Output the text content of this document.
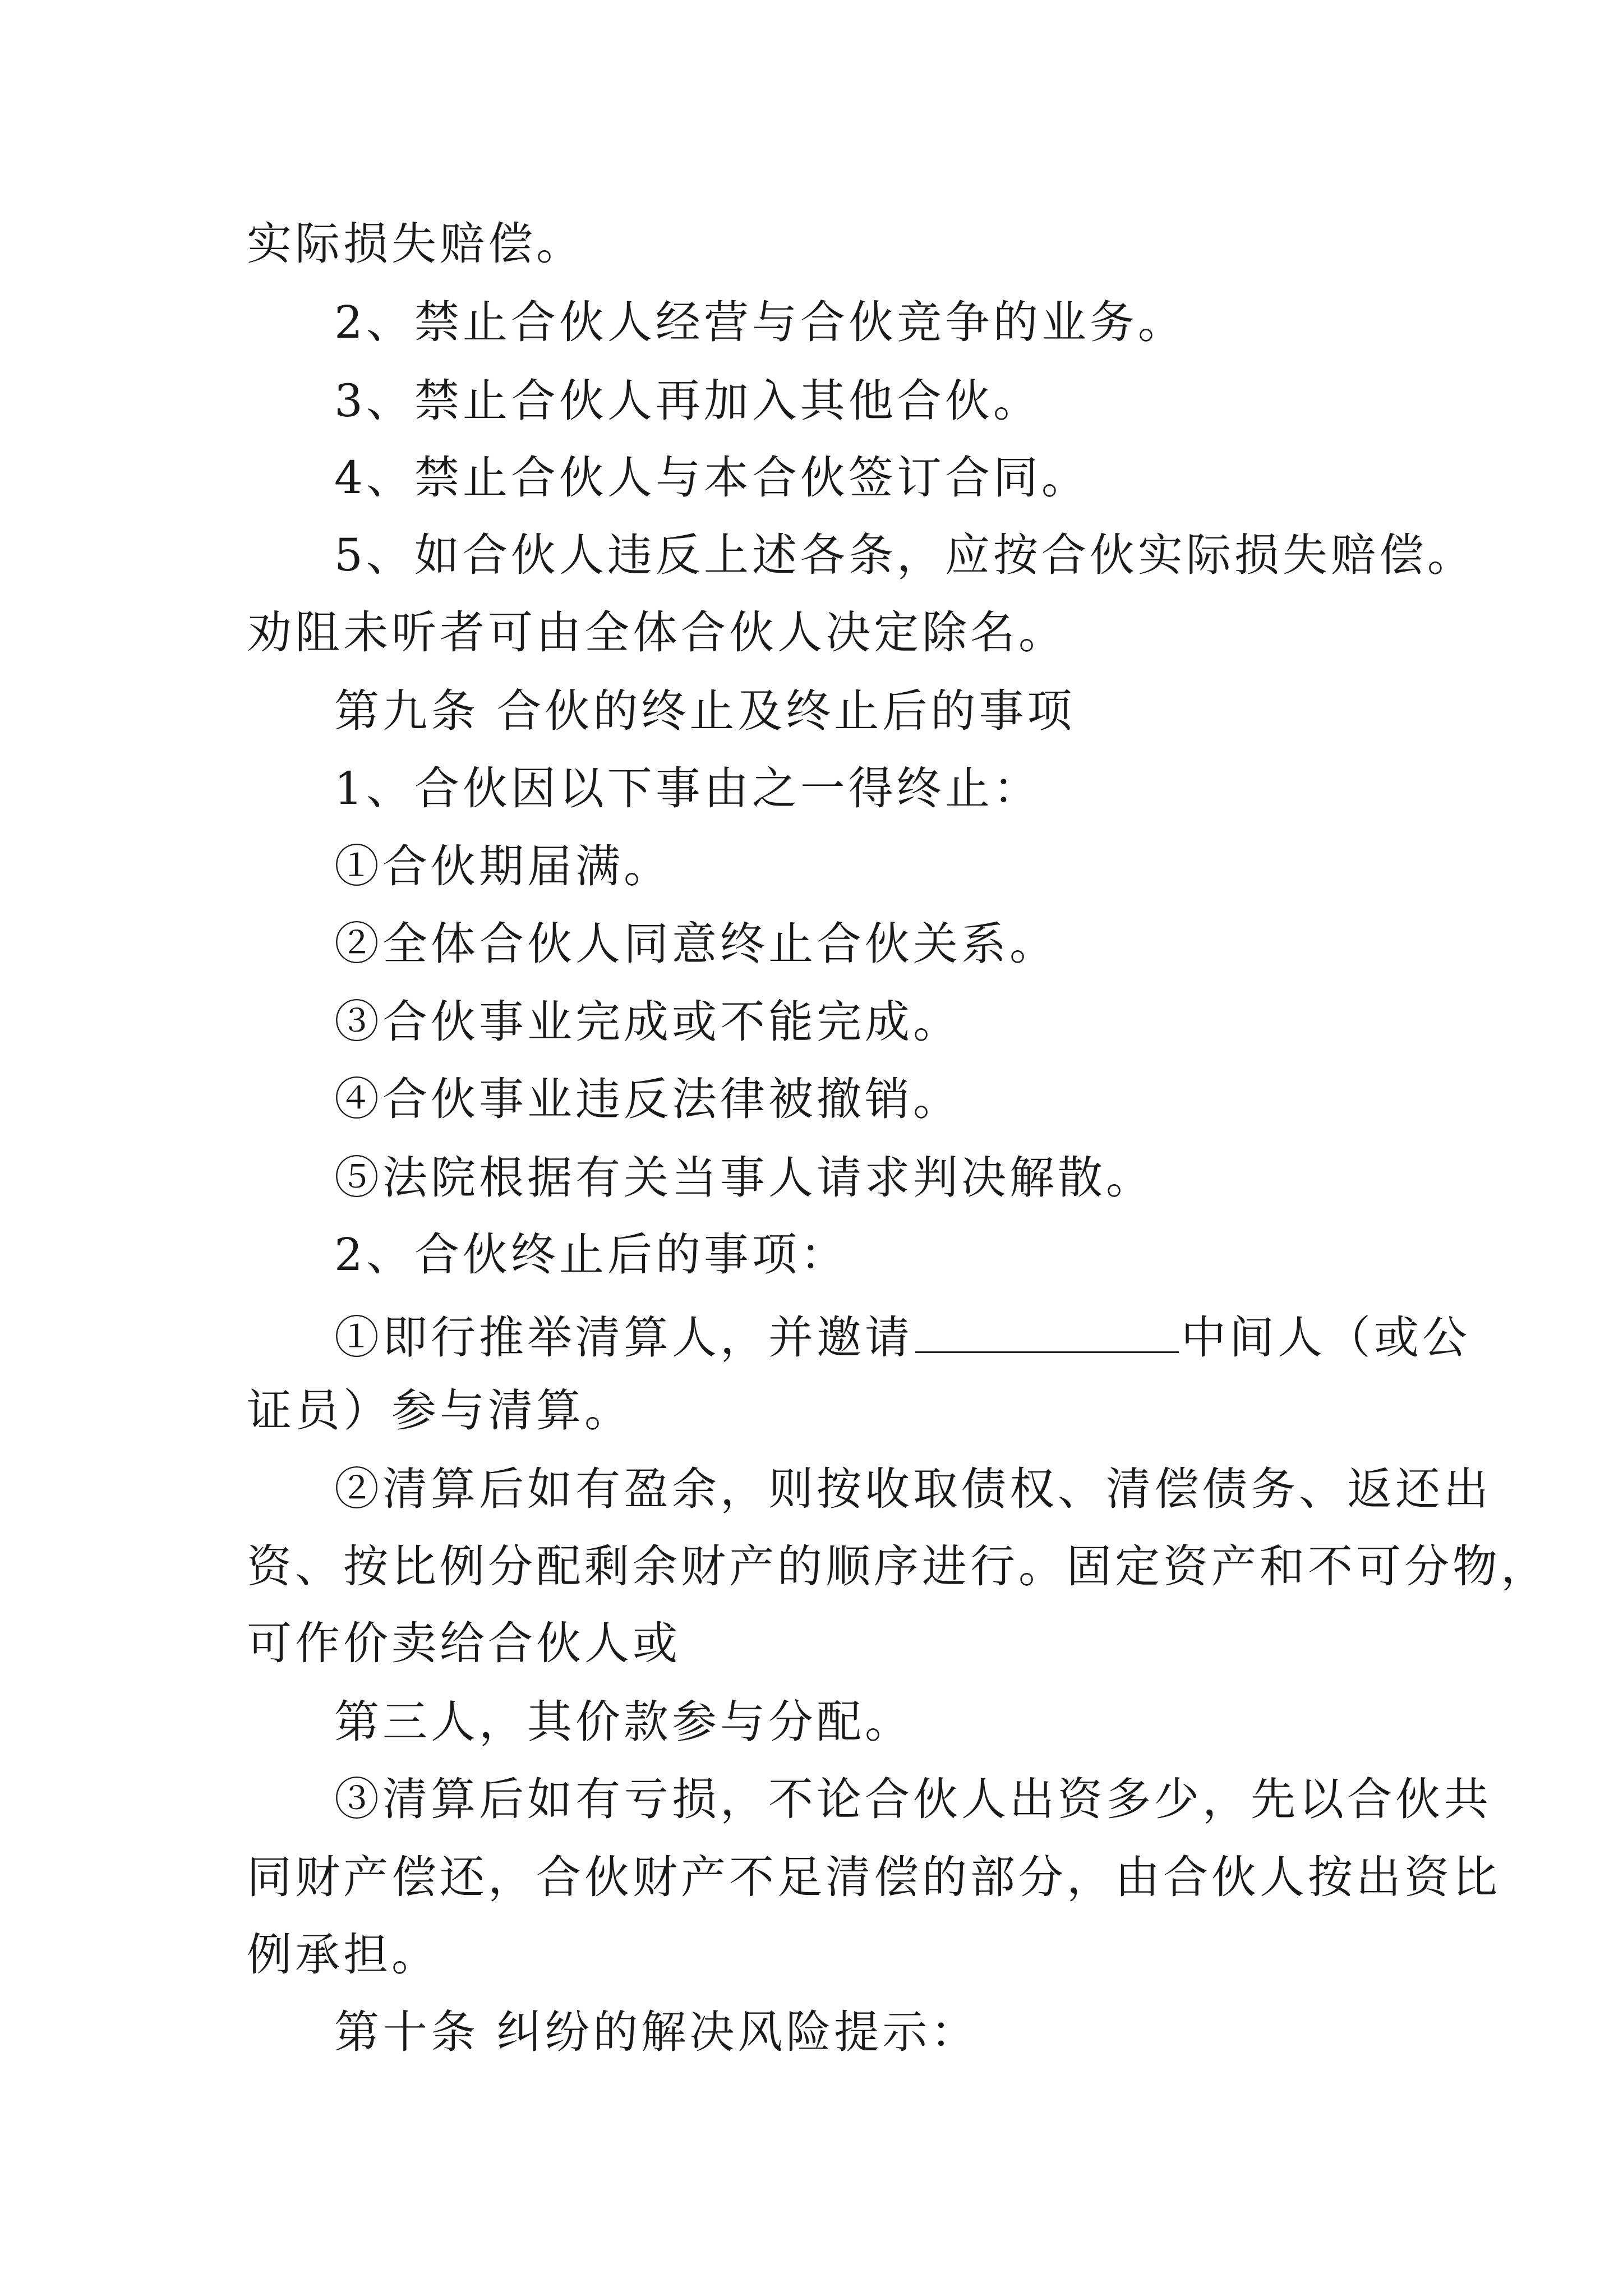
实际损失赔偿。
2、禁止合伙人经营与合伙竞争的业务。
3、禁止合伙人再加入其他合伙。
4、禁止合伙人与本合伙签订合同。
5、如合伙人违反上述各条，应按合伙实际损失赔偿。
劝阻未听者可由全体合伙人决定除名。
第九条 合伙的终止及终止后的事项
1、合伙因以下事由之一得终止：
①合伙期届满。
②全体合伙人同意终止合伙关系。
③合伙事业完成或不能完成。
④合伙事业违反法律被撤销。
⑤法院根据有关当事人请求判决解散。
2、合伙终止后的事项：
①即行推举清算人，并邀请	中间人（或公
证员）参与清算。
②清算后如有盈余，则按收取债权、清偿债务、返还出
资、按比例分配剩余财产的顺序进行。固定资产和不可分物，
可作价卖给合伙人或
第三人，其价款参与分配。
③清算后如有亏损，不论合伙人出资多少，先以合伙共
同财产偿还，合伙财产不足清偿的部分，由合伙人按出资比
例承担。
第十条 纠纷的解决风险提示：
